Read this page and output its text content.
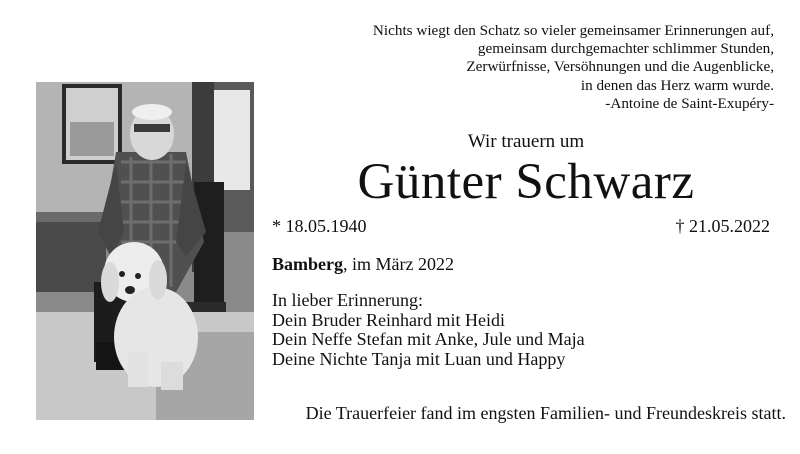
Nichts wiegt den Schatz so vieler gemeinsamer Erinnerungen auf,
gemeinsam durchgemachter schlimmer Stunden,
Zerwürfnisse, Versöhnungen und die Augenblicke,
in denen das Herz warm wurde.
-Antoine de Saint-Exupéry-
Wir trauern um
Günter Schwarz
* 18.05.1940	† 21.05.2022
Bamberg, im März 2022
In lieber Erinnerung:
Dein Bruder Reinhard mit Heidi
Dein Neffe Stefan mit Anke, Jule und Maja
Deine Nichte Tanja mit Luan und Happy
Die Trauerfeier fand im engsten Familien- und Freundeskreis statt.
